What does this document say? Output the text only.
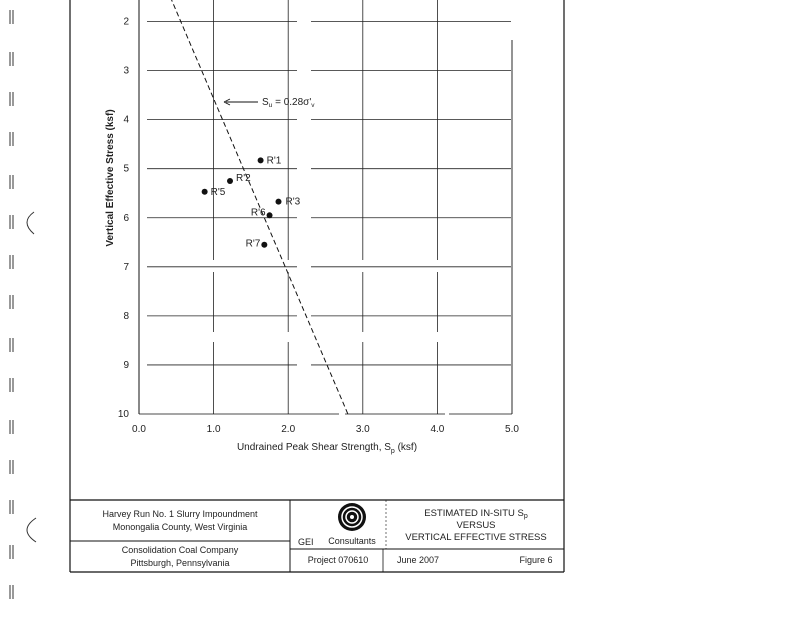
0.0	1.0	2.0	3.0	4.0	5.0
2
3
4
5
6
7
8
9
10
R'1
R'2
R'3
R'5
R'6
R'7
Vertical Effective Stress (ksf)
Undrained Peak Shear Strength, $S_p$ (ksf)
$S_u = 0.28\sigma'_v$
Harvey Run No. 1 Slurry Impoundment
Monongalia County, West Virginia
Consolidation Coal Company
Pittsburgh, Pennsylvania
GEI Consultants
ESTIMATED IN-SITU $S_p$
VERSUS
VERTICAL EFFECTIVE STRESS
Project 070610	June 2007	Figure 6
